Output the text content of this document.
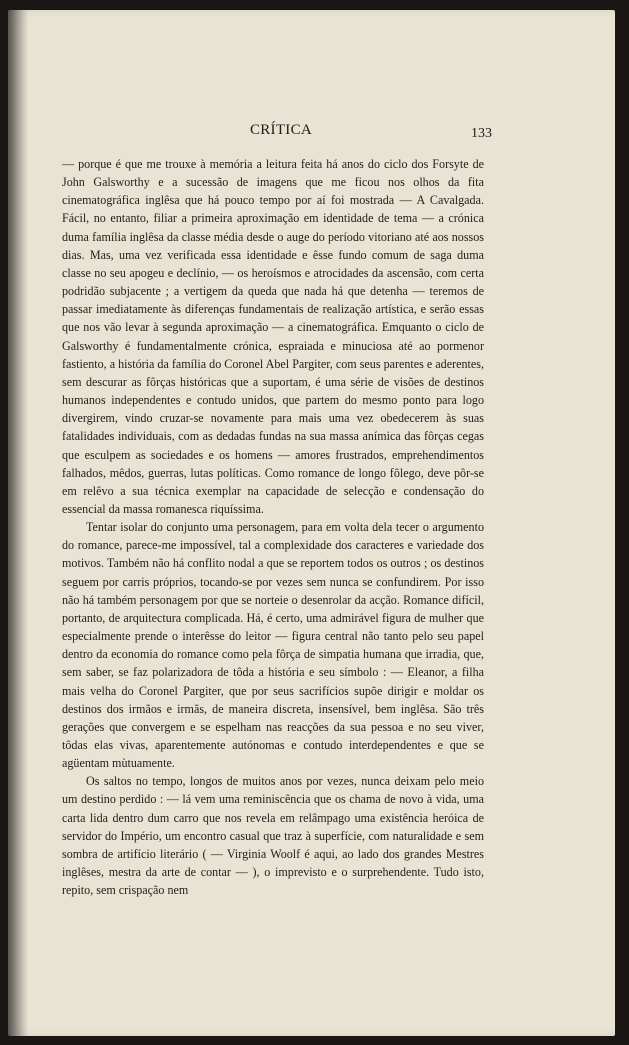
CRÍTICA	133

— porque é que me trouxe à memória a leitura feita há anos do ciclo dos Forsyte de John Galsworthy e a sucessão de imagens que me ficou nos olhos da fita cinematográfica inglêsa que há pouco tempo por aí foi mostrada — A Cavalgada. Fácil, no entanto, filiar a primeira aproximação em identidade de tema — a crónica duma família inglêsa da classe média desde o auge do período vitoriano até aos nossos dias. Mas, uma vez verificada essa identidade e êsse fundo comum de saga duma classe no seu apogeu e declínio, — os heroísmos e atrocidades da ascensão, com certa podridão subjacente ; a vertigem da queda que nada há que detenha — teremos de passar imediatamente às diferenças fundamentais de realização artística, e serão essas que nos vão levar à segunda aproximação — a cinematográfica. Emquanto o ciclo de Galsworthy é fundamentalmente crónica, espraiada e minuciosa até ao pormenor fastiento, a história da família do Coronel Abel Pargiter, com seus parentes e aderentes, sem descurar as fôrças históricas que a suportam, é uma série de visões de destinos humanos independentes e contudo unidos, que partem do mesmo ponto para logo divergirem, vindo cruzar-se novamente para mais uma vez obedecerem às suas fatalidades individuais, com as dedadas fundas na sua massa anímica das fôrças cegas que esculpem as sociedades e os homens — amores frustrados, emprehendimentos falhados, mêdos, guerras, lutas políticas. Como romance de longo fôlego, deve pôr-se em relêvo a sua técnica exemplar na capacidade de selecção e condensação do essencial da massa romanesca riquíssima.

Tentar isolar do conjunto uma personagem, para em volta dela tecer o argumento do romance, parece-me impossível, tal a complexidade dos caracteres e variedade dos motivos. Também não há conflito nodal a que se reportem todos os outros ; os destinos seguem por carris próprios, tocando-se por vezes sem nunca se confundirem. Por isso não há também personagem por que se norteie o desenrolar da acção. Romance difícil, portanto, de arquitectura complicada. Há, é certo, uma admirável figura de mulher que especialmente prende o interêsse do leitor — figura central não tanto pelo seu papel dentro da economia do romance como pela fôrça de simpatia humana que irradia, que, sem saber, se faz polarizadora de tôda a história e seu símbolo : — Eleanor, a filha mais velha do Coronel Pargiter, que por seus sacrifícios supõe dirigir e moldar os destinos dos irmãos e irmãs, de maneira discreta, insensível, bem inglêsa. São três gerações que convergem e se espelham nas reacções da sua pessoa e no seu viver, tôdas elas vivas, aparentemente autónomas e contudo interdependentes e que se agüentam mùtuamente.

Os saltos no tempo, longos de muitos anos por vezes, nunca deixam pelo meio um destino perdido : — lá vem uma reminiscência que os chama de novo à vida, uma carta lida dentro dum carro que nos revela em relâmpago uma existência heróica de servidor do Império, um encontro casual que traz à superfície, com naturalidade e sem sombra de artifício literário ( — Virginia Woolf é aqui, ao lado dos grandes Mestres inglêses, mestra da arte de contar — ), o imprevisto e o surprehendente. Tudo isto, repito, sem crispação nem
